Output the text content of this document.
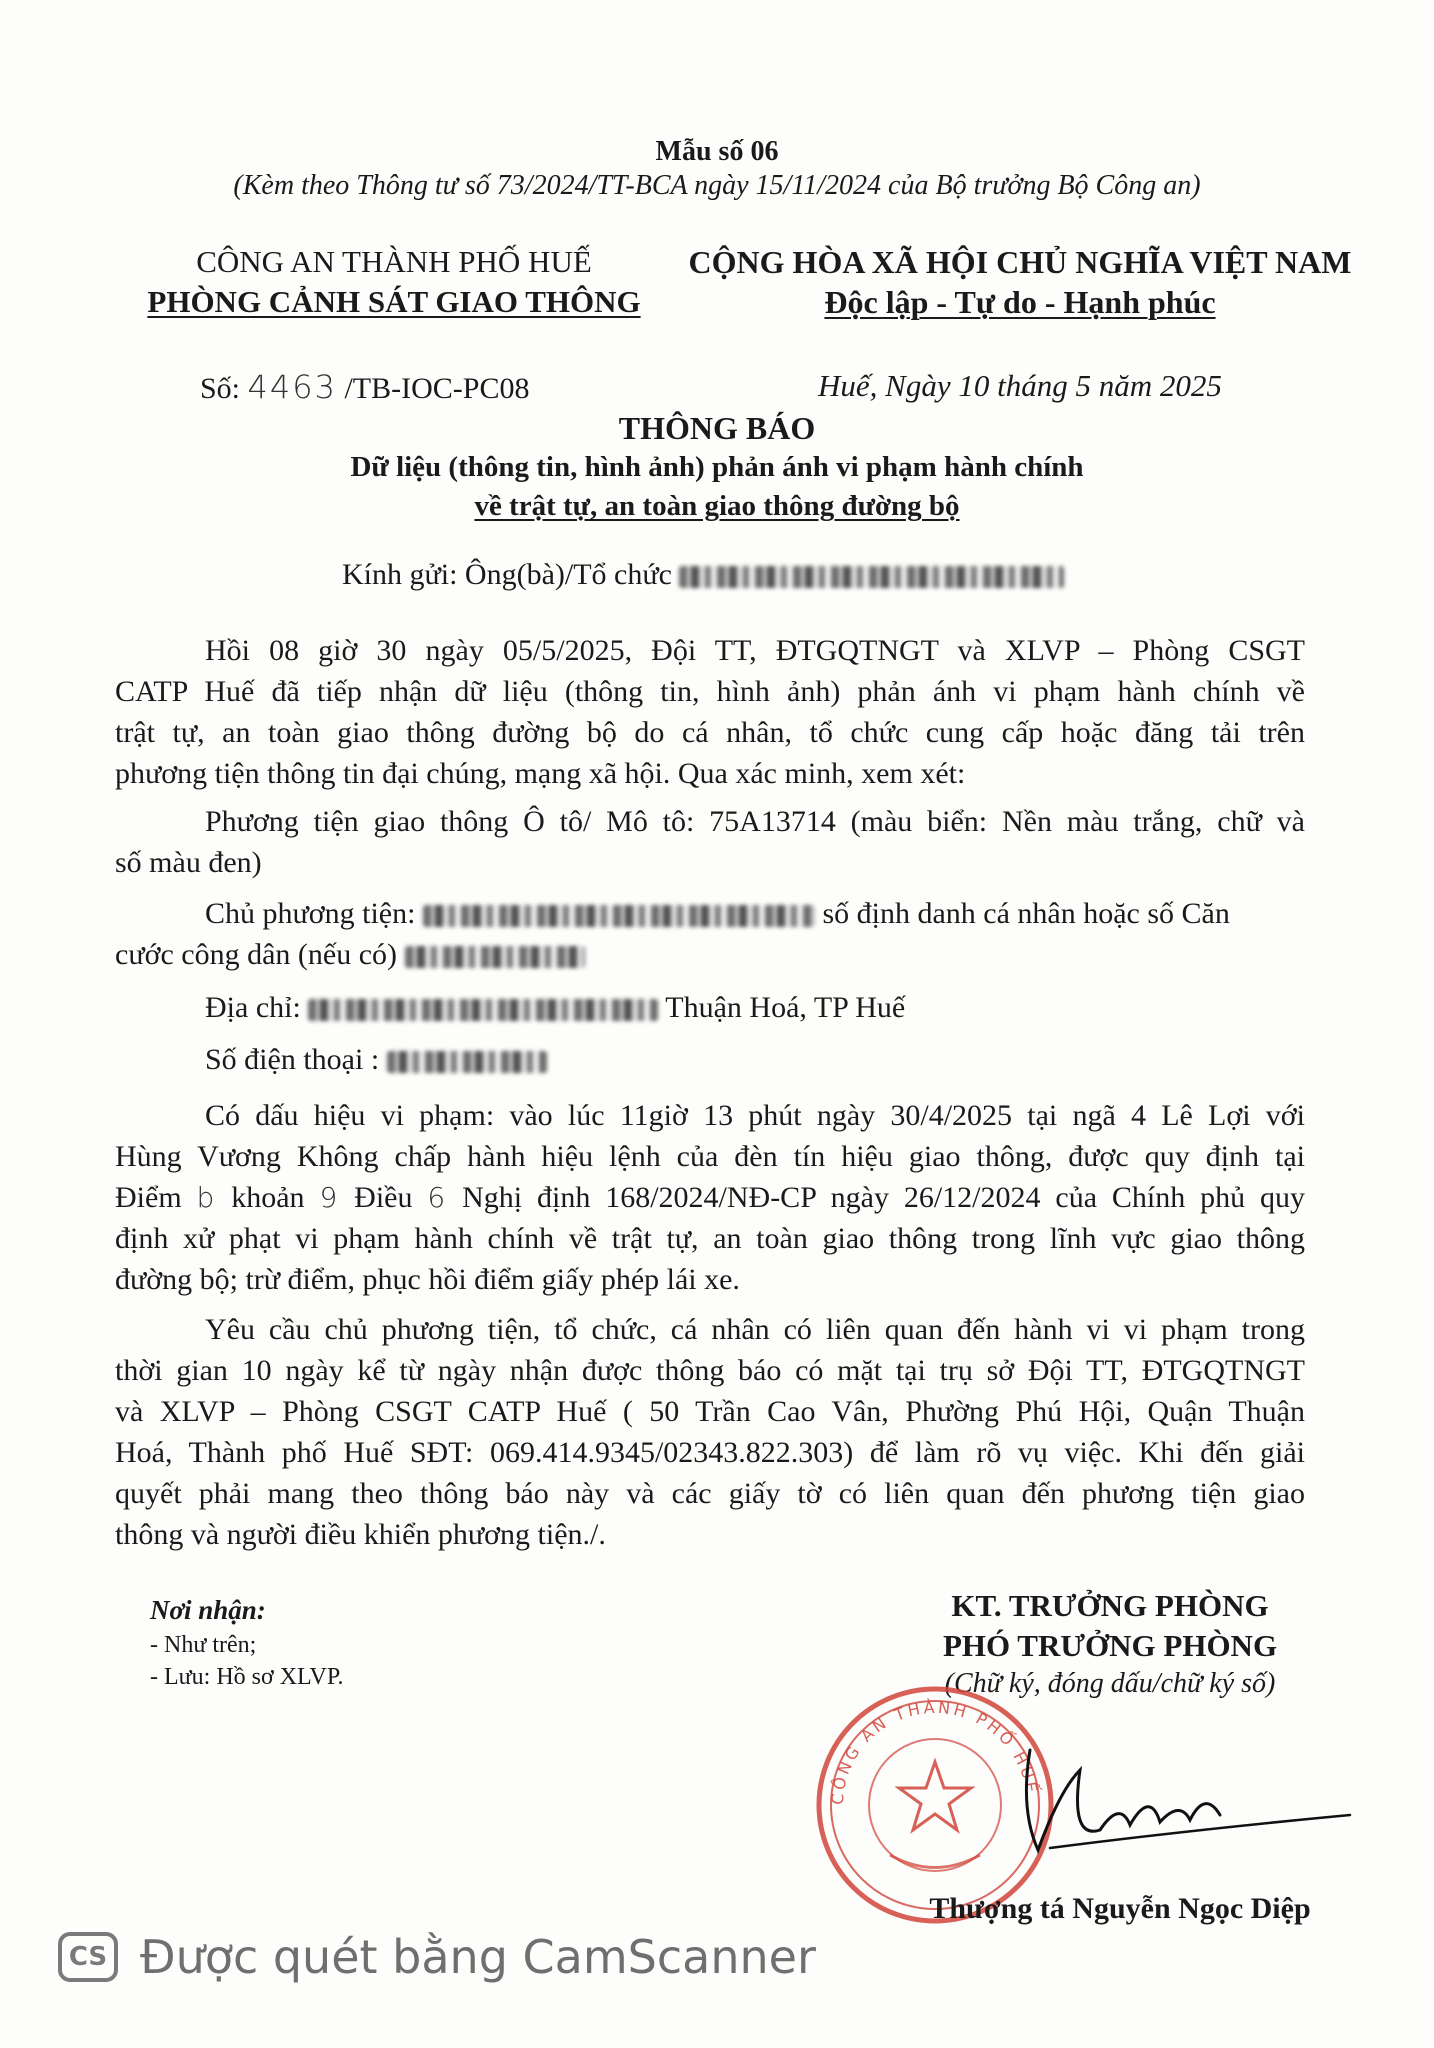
Mẫu số 06
(Kèm theo Thông tư số 73/2024/TT-BCA ngày 15/11/2024 của Bộ trưởng Bộ Công an)
CÔNG AN THÀNH PHỐ HUẾ
PHÒNG CẢNH SÁT GIAO THÔNG
CỘNG HÒA XÃ HỘI CHỦ NGHĨA VIỆT NAM
Độc lập - Tự do - Hạnh phúc
Số: 4463 /TB-IOC-PC08	Huế, Ngày 10 tháng 5 năm 2025
THÔNG BÁO
Dữ liệu (thông tin, hình ảnh) phản ánh vi phạm hành chính
về trật tự, an toàn giao thông đường bộ
Kính gửi: Ông(bà)/Tổ chức
Hồi 08 giờ 30 ngày 05/5/2025, Đội TT, ĐTGQTNGT và XLVP – Phòng CSGT
CATP Huế đã tiếp nhận dữ liệu (thông tin, hình ảnh) phản ánh vi phạm hành chính về
trật tự, an toàn giao thông đường bộ do cá nhân, tổ chức cung cấp hoặc đăng tải trên
phương tiện thông tin đại chúng, mạng xã hội. Qua xác minh, xem xét:
Phương tiện giao thông Ô tô/ Mô tô: 75A13714 (màu biển: Nền màu trắng, chữ và
số màu đen)
Chủ phương tiện:	số định danh cá nhân hoặc số Căn
cước công dân (nếu có)
Địa chỉ:	Thuận Hoá, TP Huế
Số điện thoại :
Có dấu hiệu vi phạm: vào lúc 11giờ 13 phút ngày 30/4/2025 tại ngã 4 Lê Lợi với
Hùng Vương Không chấp hành hiệu lệnh của đèn tín hiệu giao thông, được quy định tại
Điểm b khoản 9 Điều 6 Nghị định 168/2024/NĐ-CP ngày 26/12/2024 của Chính phủ quy
định xử phạt vi phạm hành chính về trật tự, an toàn giao thông trong lĩnh vực giao thông
đường bộ; trừ điểm, phục hồi điểm giấy phép lái xe.
Yêu cầu chủ phương tiện, tổ chức, cá nhân có liên quan đến hành vi vi phạm trong
thời gian 10 ngày kể từ ngày nhận được thông báo có mặt tại trụ sở Đội TT, ĐTGQTNGT
và XLVP – Phòng CSGT CATP Huế ( 50 Trần Cao Vân, Phường Phú Hội, Quận Thuận
Hoá, Thành phố Huế SĐT: 069.414.9345/02343.822.303) để làm rõ vụ việc. Khi đến giải
quyết phải mang theo thông báo này và các giấy tờ có liên quan đến phương tiện giao
thông và người điều khiển phương tiện./.
Nơi nhận:
- Như trên;
- Lưu: Hồ sơ XLVP.
KT. TRƯỞNG PHÒNG
PHÓ TRƯỞNG PHÒNG
(Chữ ký, đóng dấu/chữ ký số)
CÔNG AN THÀNH PHỐ HUẾ
Thượng tá Nguyễn Ngọc Diệp
CS Được quét bằng CamScanner
